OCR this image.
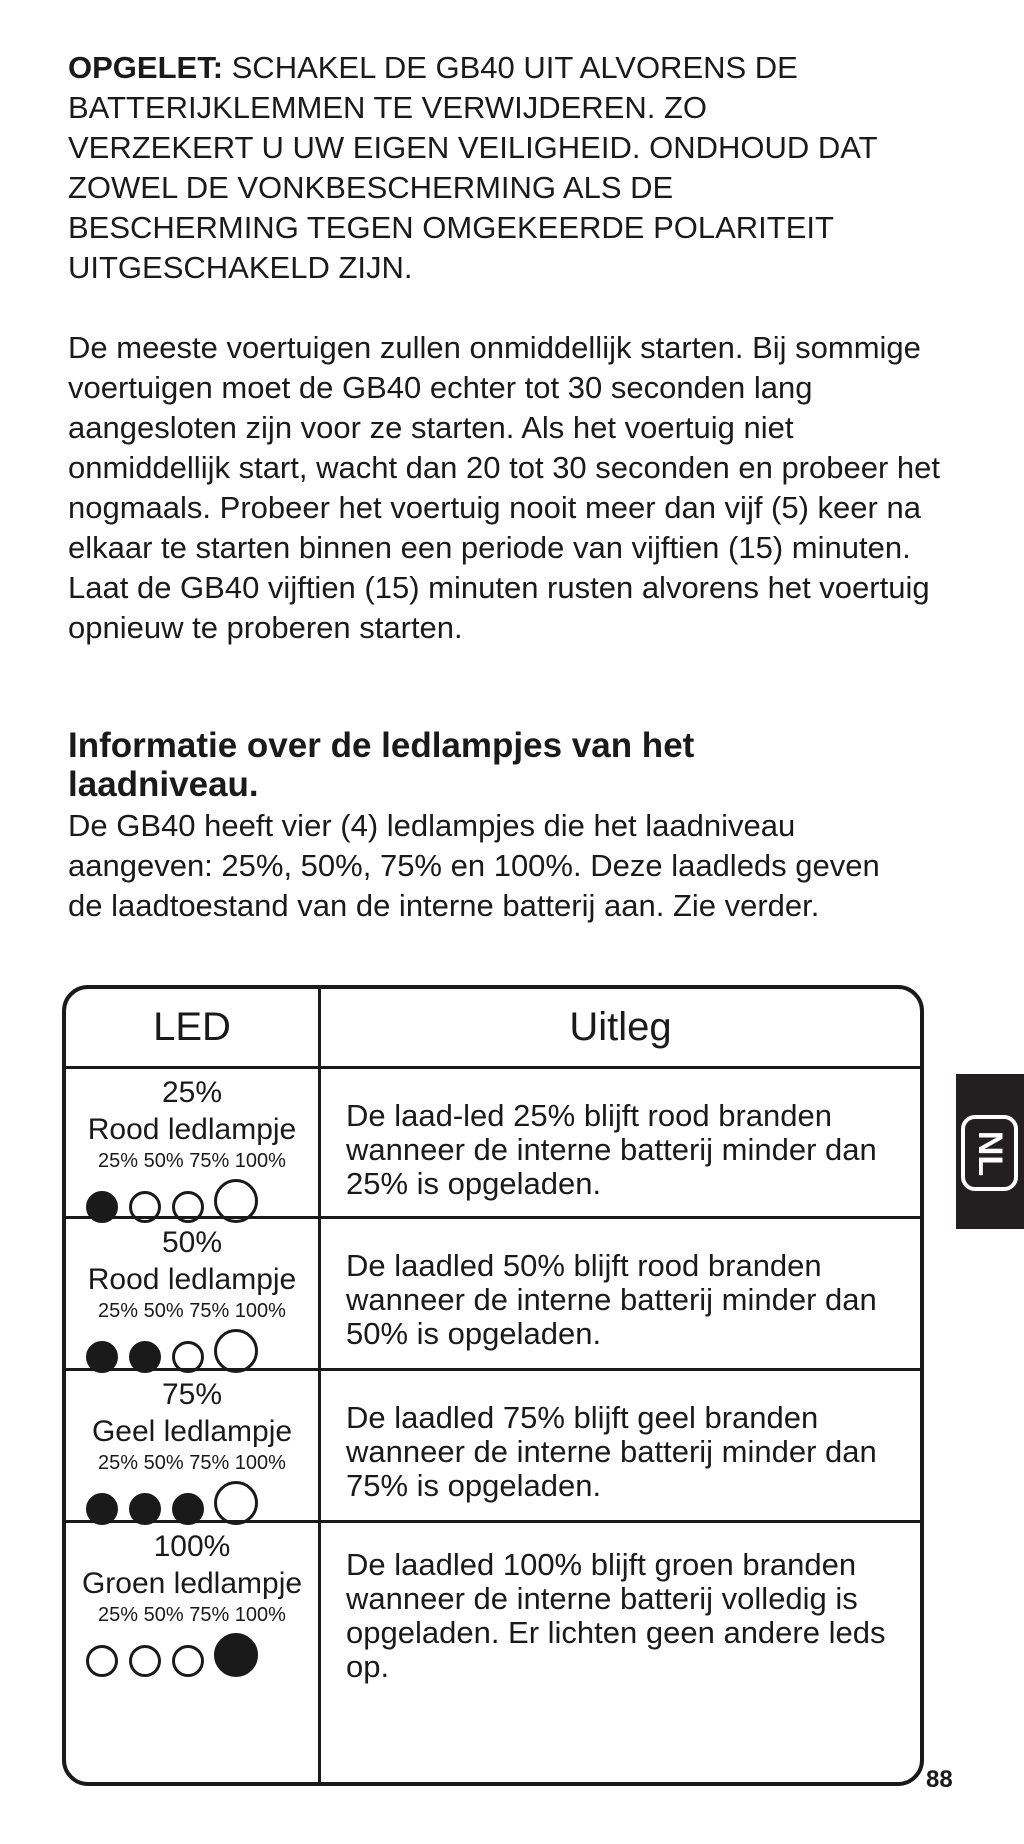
OPGELET: SCHAKEL DE GB40 UIT ALVORENS DE BATTERIJKLEMMEN TE VERWIJDEREN. ZO VERZEKERT U UW EIGEN VEILIGHEID. ONDHOUD DAT ZOWEL DE VONKBESCHERMING ALS DE BESCHERMING TEGEN OMGEKEERDE POLARITEIT UITGESCHAKELD ZIJN.

De meeste voertuigen zullen onmiddellijk starten. Bij sommige voertuigen moet de GB40 echter tot 30 seconden lang aangesloten zijn voor ze starten. Als het voertuig niet onmiddellijk start, wacht dan 20 tot 30 seconden en probeer het nogmaals. Probeer het voertuig nooit meer dan vijf (5) keer na elkaar te starten binnen een periode van vijftien (15) minuten. Laat de GB40 vijftien (15) minuten rusten alvorens het voertuig opnieuw te proberen starten.

Informatie over de ledlampjes van het laadniveau.

De GB40 heeft vier (4) ledlampjes die het laadniveau aangeven: 25%, 50%, 75% en 100%. Deze laadleds geven de laadtoestand van de interne batterij aan. Zie verder.

LED	Uitleg
25%
Rood ledlampje
25% 50% 75% 100%
De laad-led 25% blijft rood branden wanneer de interne batterij minder dan 25% is opgeladen.
50%
Rood ledlampje
25% 50% 75% 100%
De laadled 50% blijft rood branden wanneer de interne batterij minder dan 50% is opgeladen.
75%
Geel ledlampje
25% 50% 75% 100%
De laadled 75% blijft geel branden wanneer de interne batterij minder dan 75% is opgeladen.
100%
Groen ledlampje
25% 50% 75% 100%
De laadled 100% blijft groen branden wanneer de interne batterij volledig is opgeladen. Er lichten geen andere leds op.
NL
88
